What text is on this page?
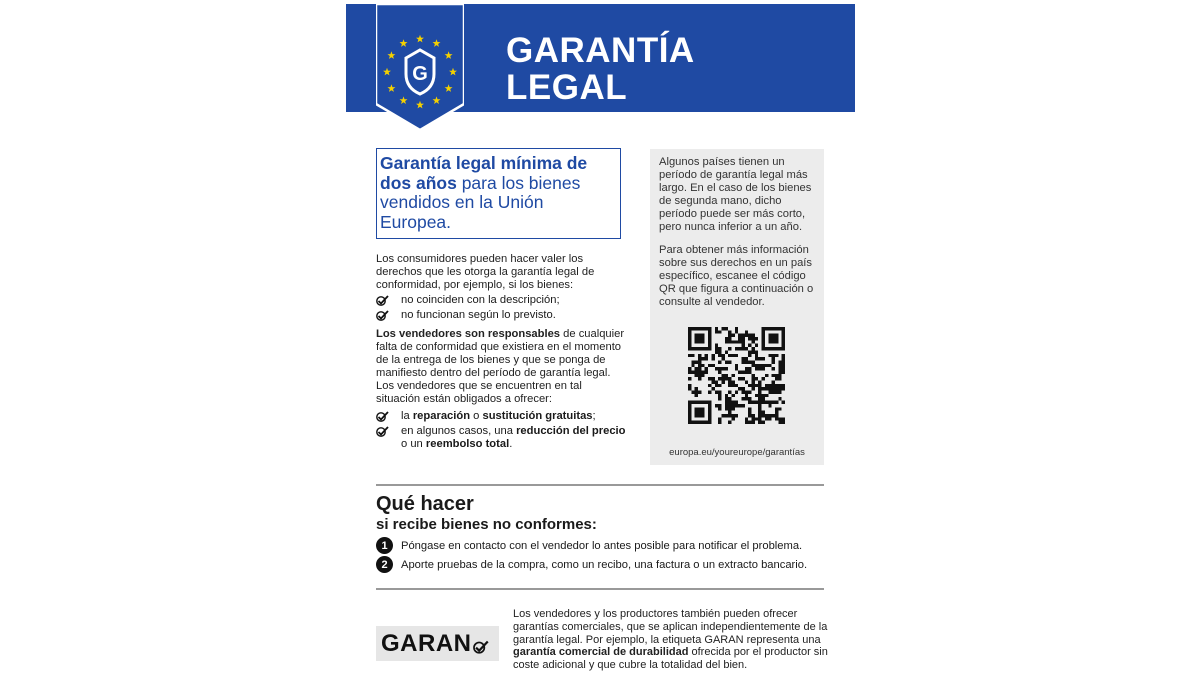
G
GARANTÍA
LEGAL
Garantía legal mínima de dos años para los bienes vendidos en la Unión Europea.
Los consumidores pueden hacer valer los derechos que les otorga la garantía legal de conformidad, por ejemplo, si los bienes:
no coinciden con la descripción;
no funcionan según lo previsto.
Los vendedores son responsables de cualquier falta de conformidad que existiera en el momento de la entrega de los bienes y que se ponga de manifiesto dentro del período de garantía legal. Los vendedores que se encuentren en tal situación están obligados a ofrecer:
la reparación o sustitución gratuitas;
en algunos casos, una reducción del precio o un reembolso total.
Algunos países tienen un período de garantía legal más largo. En el caso de los bienes de segunda mano, dicho período puede ser más corto, pero nunca inferior a un año.
Para obtener más información sobre sus derechos en un país específico, escanee el código QR que figura a continuación o consulte al vendedor.
europa.eu/youreurope/garantías
Qué hacer
si recibe bienes no conformes:
1	Póngase en contacto con el vendedor lo antes posible para notificar el problema.
2	Aporte pruebas de la compra, como un recibo, una factura o un extracto bancario.
GARAN
Los vendedores y los productores también pueden ofrecer garantías comerciales, que se aplican independientemente de la garantía legal. Por ejemplo, la etiqueta GARAN representa una garantía comercial de durabilidad ofrecida por el productor sin coste adicional y que cubre la totalidad del bien.
